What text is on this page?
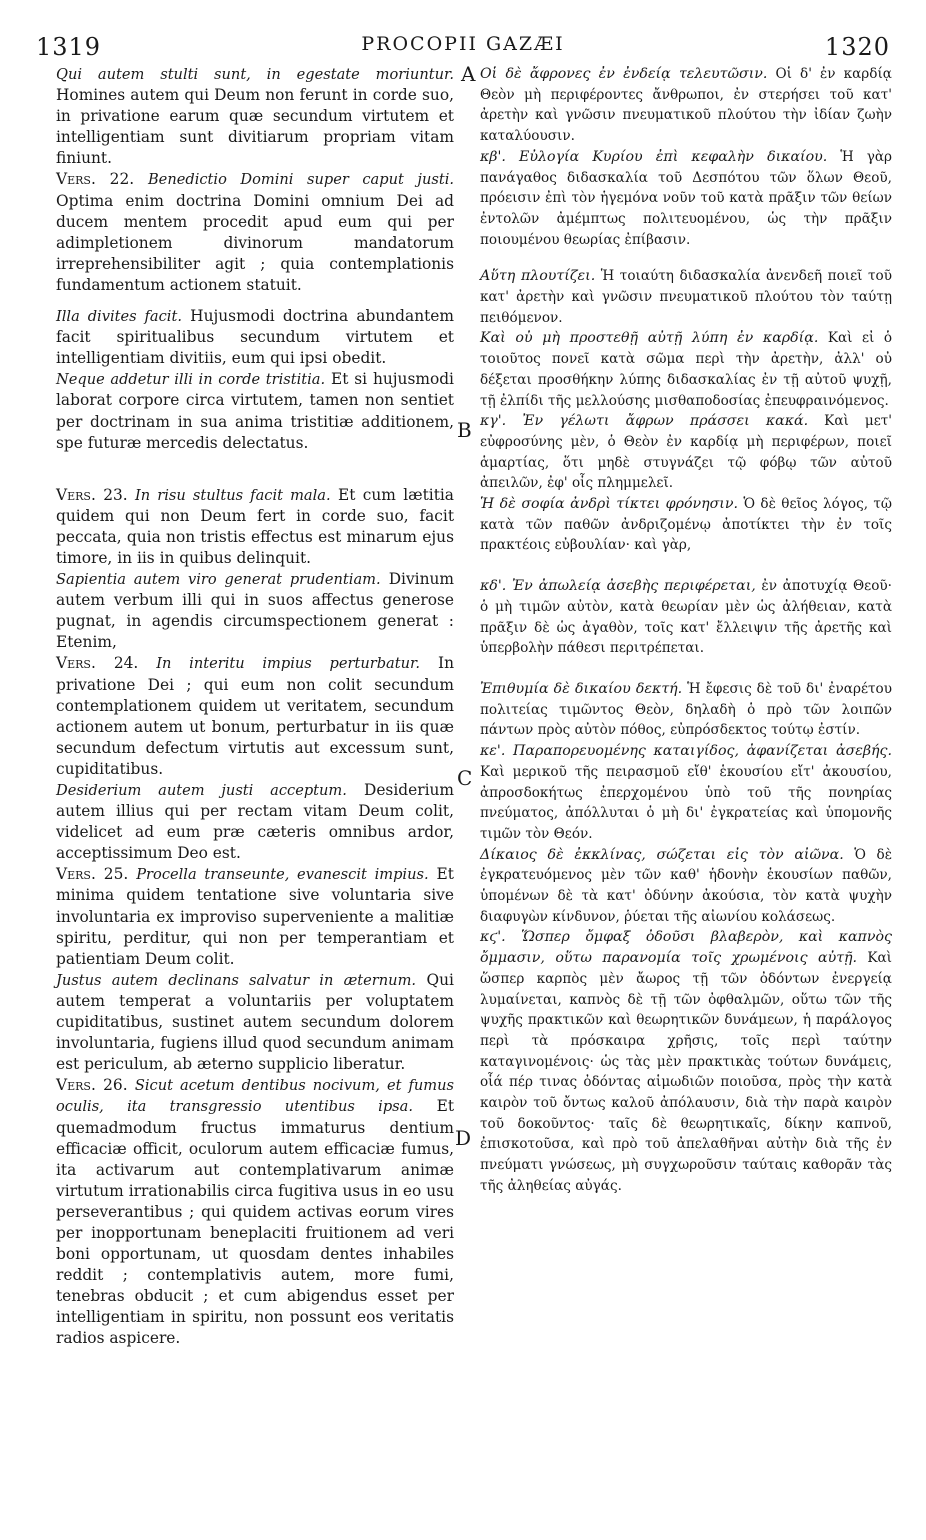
1319	PROCOPII GAZÆI	1320
A
B
C
D

Qui autem stulti sunt, in egestate moriuntur. Homines autem qui Deum non ferunt in corde suo, in privatione earum quæ secundum virtutem et intelligentiam sunt divitiarum propriam vitam finiunt.

Vers. 22. Benedictio Domini super caput justi. Optima enim doctrina Domini omnium Dei ad ducem mentem procedit apud eum qui per adimpletionem divinorum mandatorum irreprehensibiliter agit ; quia contemplationis fundamentum actionem statuit.

Illa divites facit. Hujusmodi doctrina abundantem facit spiritualibus secundum virtutem et intelligentiam divitiis, eum qui ipsi obedit.

Neque addetur illi in corde tristitia. Et si hujusmodi laborat corpore circa virtutem, tamen non sentiet per doctrinam in sua anima tristitiæ additionem, spe futuræ mercedis delectatus.

Vers. 23. In risu stultus facit mala. Et cum lætitia quidem qui non Deum fert in corde suo, facit peccata, quia non tristis effectus est minarum ejus timore, in iis in quibus delinquit.

Sapientia autem viro generat prudentiam. Divinum autem verbum illi qui in suos affectus generose pugnat, in agendis circumspectionem generat : Etenim,

Vers. 24. In interitu impius perturbatur. In privatione Dei ; qui eum non colit secundum contemplationem quidem ut veritatem, secundum actionem autem ut bonum, perturbatur in iis quæ secundum defectum virtutis aut excessum sunt, cupiditatibus.

Desiderium autem justi acceptum. Desiderium autem illius qui per rectam vitam Deum colit, videlicet ad eum præ cæteris omnibus ardor, acceptissimum Deo est.

Vers. 25. Procella transeunte, evanescit impius. Et minima quidem tentatione sive voluntaria sive involuntaria ex improviso superveniente a malitiæ spiritu, perditur, qui non per temperantiam et patientiam Deum colit.

Justus autem declinans salvatur in æternum. Qui autem temperat a voluntariis per voluptatem cupiditatibus, sustinet autem secundum dolorem involuntaria, fugiens illud quod secundum animam est periculum, ab æterno supplicio liberatur.

Vers. 26. Sicut acetum dentibus nocivum, et fumus oculis, ita transgressio utentibus ipsa. Et quemadmodum fructus immaturus dentium efficaciæ officit, oculorum autem efficaciæ fumus, ita activarum aut contemplativarum animæ virtutum irrationabilis circa fugitiva usus in eo usu perseverantibus ; qui quidem activas eorum vires per inopportunam beneplaciti fruitionem ad veri boni opportunam, ut quosdam dentes inhabiles reddit ; contemplativis autem, more fumi, tenebras obducit ; et cum abigendus esset per intelligentiam in spiritu, non possunt eos veritatis radios aspicere.

Οἱ δὲ ἄφρονες ἐν ἐνδείᾳ τελευτῶσιν. Οἱ δ' ἐν καρδίᾳ Θεὸν μὴ περιφέροντες ἄνθρωποι, ἐν στερήσει τοῦ κατ' ἀρετὴν καὶ γνῶσιν πνευματικοῦ πλούτου τὴν ἰδίαν ζωὴν καταλύουσιν.

κβ'. Εὐλογία Κυρίου ἐπὶ κεφαλὴν δικαίου. Ἡ γὰρ πανάγαθος διδασκαλία τοῦ Δεσπότου τῶν ὅλων Θεοῦ, πρόεισιν ἐπὶ τὸν ἡγεμόνα νοῦν τοῦ κατὰ πρᾶξιν τῶν θείων ἐντολῶν ἀμέμπτως πολιτευομένου, ὡς τὴν πρᾶξιν ποιουμένου θεωρίας ἐπίβασιν.

Αὕτη πλουτίζει. Ἡ τοιαύτη διδασκαλία ἀνενδεῆ ποιεῖ τοῦ κατ' ἀρετὴν καὶ γνῶσιν πνευματικοῦ πλούτου τὸν ταύτῃ πειθόμενον.

Καὶ οὐ μὴ προστεθῇ αὐτῇ λύπη ἐν καρδίᾳ. Καὶ εἰ ὁ τοιοῦτος πονεῖ κατὰ σῶμα περὶ τὴν ἀρετὴν, ἀλλ' οὐ δέξεται προσθήκην λύπης διδασκαλίας ἐν τῇ αὐτοῦ ψυχῇ, τῇ ἐλπίδι τῆς μελλούσης μισθαποδοσίας ἐπευφραινόμενος.

κγ'. Ἐν γέλωτι ἄφρων πράσσει κακά. Καὶ μετ' εὐφροσύνης μὲν, ὁ Θεὸν ἐν καρδίᾳ μὴ περιφέρων, ποιεῖ ἁμαρτίας, ὅτι μηδὲ στυγνάζει τῷ φόβῳ τῶν αὐτοῦ ἀπειλῶν, ἐφ' οἷς πλημμελεῖ.

Ἡ δὲ σοφία ἀνδρὶ τίκτει φρόνησιν. Ὁ δὲ θεῖος λόγος, τῷ κατὰ τῶν παθῶν ἀνδριζομένῳ ἀποτίκτει τὴν ἐν τοῖς πρακτέοις εὐβουλίαν· καὶ γὰρ,

κδ'. Ἐν ἀπωλείᾳ ἀσεβὴς περιφέρεται, ἐν ἀποτυχίᾳ Θεοῦ· ὁ μὴ τιμῶν αὐτὸν, κατὰ θεωρίαν μὲν ὡς ἀλήθειαν, κατὰ πρᾶξιν δὲ ὡς ἀγαθὸν, τοῖς κατ' ἔλλειψιν τῆς ἀρετῆς καὶ ὑπερβολὴν πάθεσι περιτρέπεται.

Ἐπιθυμία δὲ δικαίου δεκτή. Ἡ ἔφεσις δὲ τοῦ δι' ἐναρέτου πολιτείας τιμῶντος Θεὸν, δηλαδὴ ὁ πρὸ τῶν λοιπῶν πάντων πρὸς αὐτὸν πόθος, εὐπρόσδεκτος τούτῳ ἐστίν.

κε'. Παραπορευομένης καταιγίδος, ἀφανίζεται ἀσεβής. Καὶ μερικοῦ τῆς πειρασμοῦ εἴθ' ἑκουσίου εἴτ' ἀκουσίου, ἀπροσδοκήτως ἐπερχομένου ὑπὸ τοῦ τῆς πονηρίας πνεύματος, ἀπόλλυται ὁ μὴ δι' ἐγκρατείας καὶ ὑπομονῆς τιμῶν τὸν Θεόν.

Δίκαιος δὲ ἐκκλίνας, σώζεται εἰς τὸν αἰῶνα. Ὁ δὲ ἐγκρατευόμενος μὲν τῶν καθ' ἡδονὴν ἑκουσίων παθῶν, ὑπομένων δὲ τὰ κατ' ὀδύνην ἀκούσια, τὸν κατὰ ψυχὴν διαφυγὼν κίνδυνον, ῥύεται τῆς αἰωνίου κολάσεως.

κϛ'. Ὥσπερ ὄμφαξ ὀδοῦσι βλαβερὸν, καὶ καπνὸς ὄμμασιν, οὕτω παρανομία τοῖς χρωμένοις αὐτῇ. Καὶ ὥσπερ καρπὸς μὲν ἄωρος τῇ τῶν ὀδόντων ἐνεργείᾳ λυμαίνεται, καπνὸς δὲ τῇ τῶν ὀφθαλμῶν, οὕτω τῶν τῆς ψυχῆς πρακτικῶν καὶ θεωρητικῶν δυνάμεων, ἡ παράλογος περὶ τὰ πρόσκαιρα χρῆσις, τοῖς περὶ ταύτην καταγινομένοις· ὡς τὰς μὲν πρακτικὰς τούτων δυνάμεις, οἷά πέρ τινας ὀδόντας αἱμωδιῶν ποιοῦσα, πρὸς τὴν κατὰ καιρὸν τοῦ ὄντως καλοῦ ἀπόλαυσιν, διὰ τὴν παρὰ καιρὸν τοῦ δοκοῦντος· ταῖς δὲ θεωρητικαῖς, δίκην καπνοῦ, ἐπισκοτοῦσα, καὶ πρὸ τοῦ ἀπελαθῆναι αὐτὴν διὰ τῆς ἐν πνεύματι γνώσεως, μὴ συγχωροῦσιν ταύταις καθορᾶν τὰς τῆς ἀληθείας αὐγάς.
